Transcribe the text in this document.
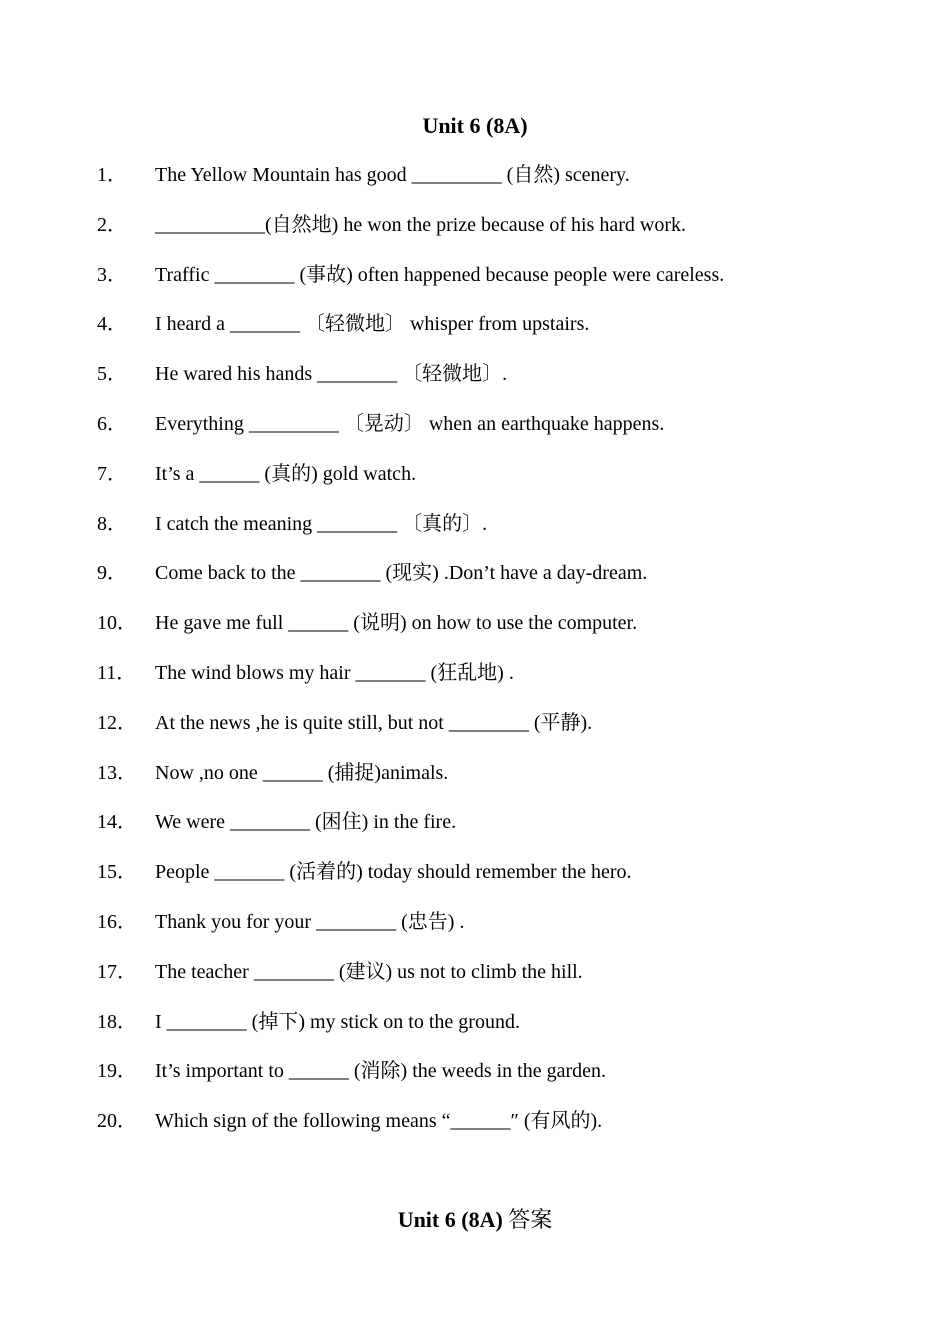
Unit 6 (8A)
1． The Yellow Mountain has good _________ (自然) scenery.
2． ___________(自然地) he won the prize because of his hard work.
3． Traffic ________ (事故) often happened because people were careless.
4． I heard a _______ 〔轻微地〕 whisper from upstairs.
5． He wared his hands ________ 〔轻微地〕.
6． Everything _________ 〔晃动〕 when an earthquake happens.
7． It’s a ______ (真的) gold watch.
8． I catch the meaning ________ 〔真的〕.
9． Come back to the ________ (现实) .Don’t have a day-dream.
10． He gave me full ______ (说明) on how to use the computer.
11． The wind blows my hair _______ (狂乱地) .
12． At the news ,he is quite still, but not ________ (平静).
13． Now ,no one ______ (捕捉)animals.
14． We were ________ (困住) in the fire.
15． People _______ (活着的) today should remember the hero.
16． Thank you for your ________ (忠告) .
17． The teacher ________ (建议) us not to climb the hill.
18． I ________ (掉下) my stick on to the ground.
19． It’s important to ______ (消除) the weeds in the garden.
20． Which sign of the following means “______″ (有风的).
Unit 6 (8A) 答案
